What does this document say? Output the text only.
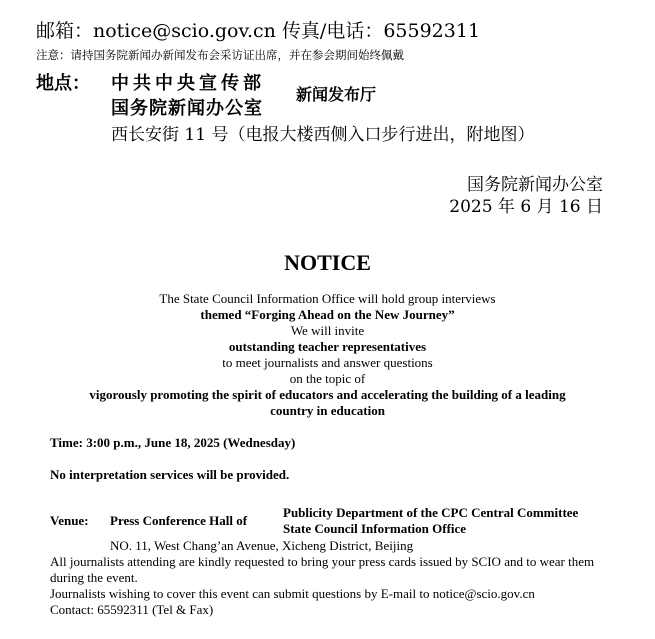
邮箱：notice@scio.gov.cn 传真/电话：65592311
注意：请持国务院新闻办新闻发布会采访证出席，并在参会期间始终佩戴
地点： 中共中央宣传部
国务院新闻办公室
新闻发布厅
西长安街 11 号（电报大楼西侧入口步行进出，附地图）
国务院新闻办公室
2025 年 6 月 16 日
NOTICE
The State Council Information Office will hold group interviews
themed “Forging Ahead on the New Journey”
We will invite
outstanding teacher representatives
to meet journalists and answer questions
on the topic of
vigorously promoting the spirit of educators and accelerating the building of a leading
country in education
Time: 3:00 p.m., June 18, 2025 (Wednesday)
No interpretation services will be provided.
Venue: Press Conference Hall of
Publicity Department of the CPC Central Committee
State Council Information Office
NO. 11, West Chang’an Avenue, Xicheng District, Beijing
All journalists attending are kindly requested to bring your press cards issued by SCIO and to wear them during the event.
Journalists wishing to cover this event can submit questions by E-mail to notice@scio.gov.cn
Contact: 65592311 (Tel & Fax)
